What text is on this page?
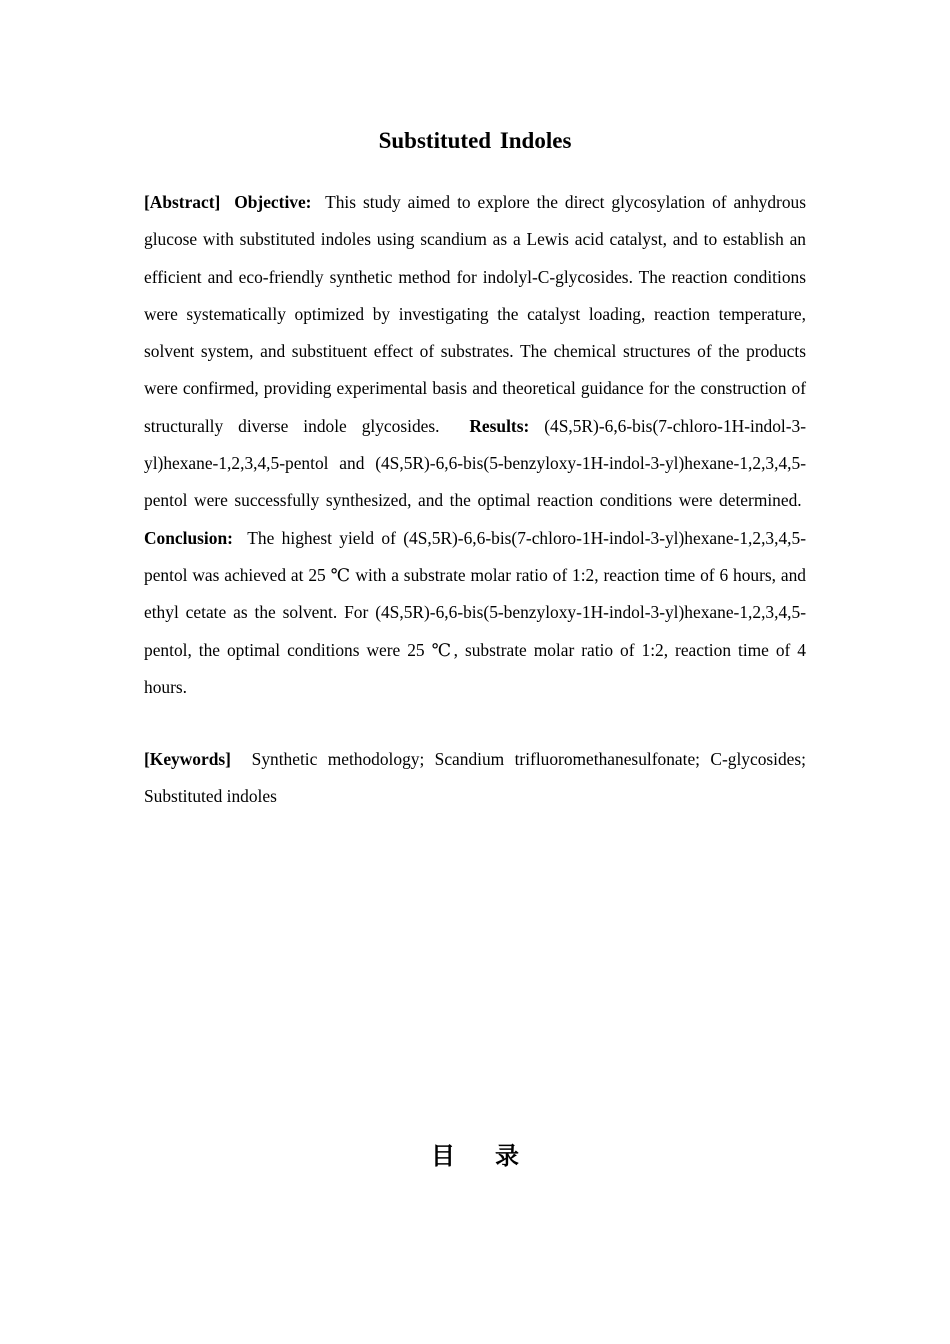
Substituted Indoles

[Abstract] Objective: This study aimed to explore the direct glycosylation of anhydrous glucose with substituted indoles using scandium as a Lewis acid catalyst, and to establish an efficient and eco-friendly synthetic method for indolyl-C-glycosides. The reaction conditions were systematically optimized by investigating the catalyst loading, reaction temperature, solvent system, and substituent effect of substrates. The chemical structures of the products were confirmed, providing experimental basis and theoretical guidance for the construction of structurally diverse indole glycosides. Results: (4S,5R)-6,6-bis(7-chloro-1H-indol-3-yl)hexane-1,2,3,4,5-pentol and (4S,5R)-6,6-bis(5-benzyloxy-1H-indol-3-yl)hexane-1,2,3,4,5-pentol were successfully synthesized, and the optimal reaction conditions were determined.  Conclusion: The highest yield of (4S,5R)-6,6-bis(7-chloro-1H-indol-3-yl)hexane-1,2,3,4,5-pentol was achieved at 25 ℃ with a substrate molar ratio of 1:2, reaction time of 6 hours, and ethyl cetate as the solvent. For (4S,5R)-6,6-bis(5-benzyloxy-1H-indol-3-yl)hexane-1,2,3,4,5-pentol, the optimal conditions were 25 ℃, substrate molar ratio of 1:2, reaction time of 4 hours.

[Keywords] Synthetic methodology; Scandium trifluoromethanesulfonate; C-glycosides; Substituted indoles

目录
